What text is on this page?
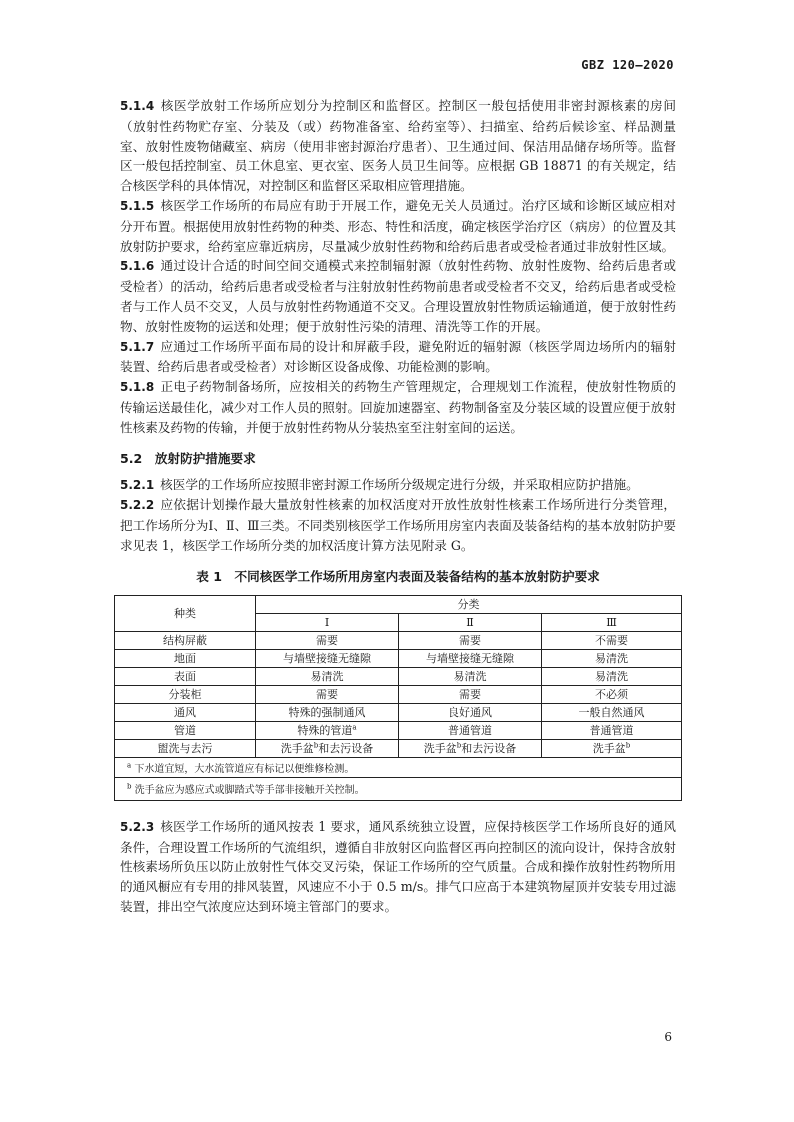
GBZ 120—2020

5.1.4 核医学放射工作场所应划分为控制区和监督区。控制区一般包括使用非密封源核素的房间（放射性药物贮存室、分装及（或）药物准备室、给药室等）、扫描室、给药后候诊室、样品测量室、放射性废物储藏室、病房（使用非密封源治疗患者）、卫生通过间、保洁用品储存场所等。监督区一般包括控制室、员工休息室、更衣室、医务人员卫生间等。应根据 GB 18871 的有关规定，结合核医学科的具体情况，对控制区和监督区采取相应管理措施。

5.1.5 核医学工作场所的布局应有助于开展工作，避免无关人员通过。治疗区域和诊断区域应相对分开布置。根据使用放射性药物的种类、形态、特性和活度，确定核医学治疗区（病房）的位置及其放射防护要求，给药室应靠近病房，尽量减少放射性药物和给药后患者或受检者通过非放射性区域。

5.1.6 通过设计合适的时间空间交通模式来控制辐射源（放射性药物、放射性废物、给药后患者或受检者）的活动，给药后患者或受检者与注射放射性药物前患者或受检者不交叉，给药后患者或受检者与工作人员不交叉，人员与放射性药物通道不交叉。合理设置放射性物质运输通道，便于放射性药物、放射性废物的运送和处理；便于放射性污染的清理、清洗等工作的开展。

5.1.7 应通过工作场所平面布局的设计和屏蔽手段，避免附近的辐射源（核医学周边场所内的辐射装置、给药后患者或受检者）对诊断区设备成像、功能检测的影响。

5.1.8 正电子药物制备场所，应按相关的药物生产管理规定，合理规划工作流程，使放射性物质的传输运送最佳化，减少对工作人员的照射。回旋加速器室、药物制备室及分装区域的设置应便于放射性核素及药物的传输，并便于放射性药物从分装热室至注射室间的运送。

5.2　 放射防护措施要求

5.2.1 核医学的工作场所应按照非密封源工作场所分级规定进行分级，并采取相应防护措施。

5.2.2 应依据计划操作最大量放射性核素的加权活度对开放性放射性核素工作场所进行分类管理，把工作场所分为Ⅰ、Ⅱ、Ⅲ三类。不同类别核医学工作场所用房室内表面及装备结构的基本放射防护要求见表 1，核医学工作场所分类的加权活度计算方法见附录 G。

表 1　不同核医学工作场所用房室内表面及装备结构的基本放射防护要求
种类	分类		
	Ⅰ	Ⅱ	Ⅲ
结构屏蔽	需要	需要	不需要
地面	与墙壁接缝无缝隙	与墙壁接缝无缝隙	易清洗
表面	易清洗	易清洗	易清洗
分装柜	需要	需要	不必须
通风	特殊的强制通风	良好通风	一般自然通风
管道	特殊的管道$^a$	普通管道	普通管道
盥洗与去污	洗手盆$^b$和去污设备	洗手盆$^b$和去污设备	洗手盆$^b$
$^a$ 下水道宜短，大水流管道应有标记以便维修检测。			
$^b$ 洗手盆应为感应式或脚踏式等手部非接触开关控制。			

5.2.3 核医学工作场所的通风按表 1 要求，通风系统独立设置，应保持核医学工作场所良好的通风条件，合理设置工作场所的气流组织，遵循自非放射区向监督区再向控制区的流向设计，保持含放射性核素场所负压以防止放射性气体交叉污染，保证工作场所的空气质量。合成和操作放射性药物所用的通风橱应有专用的排风装置，风速应不小于 0.5 m/s。排气口应高于本建筑物屋顶并安装专用过滤装置，排出空气浓度应达到环境主管部门的要求。

6
